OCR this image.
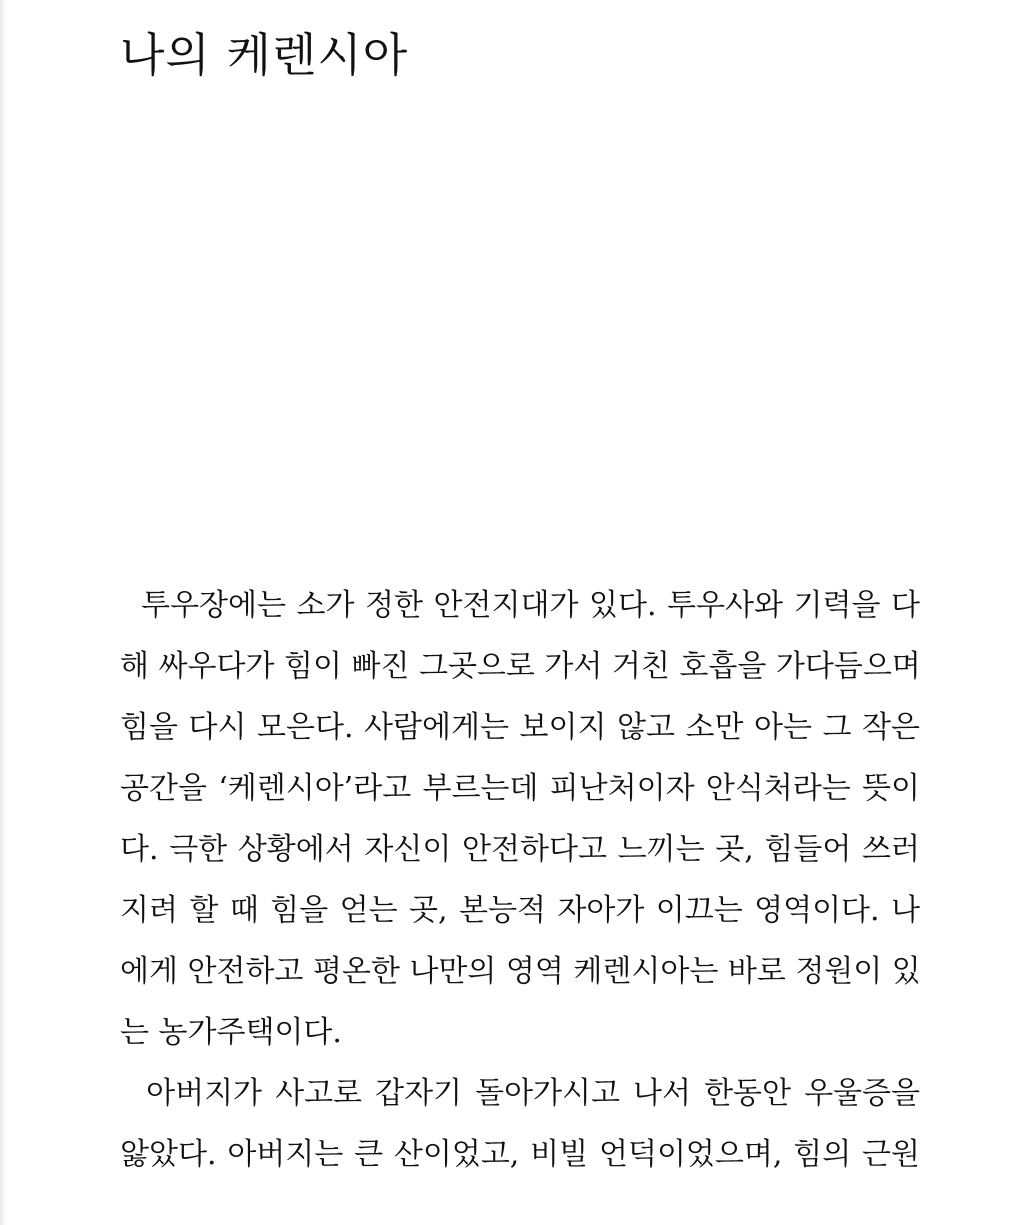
나의 케렌시아
투우장에는 소가 정한 안전지대가 있다. 투우사와 기력을 다
해 싸우다가 힘이 빠진 그곳으로 가서 거친 호흡을 가다듬으며
힘을 다시 모은다. 사람에게는 보이지 않고 소만 아는 그 작은
공간을 ‘케렌시아’라고 부르는데 피난처이자 안식처라는 뜻이
다. 극한 상황에서 자신이 안전하다고 느끼는 곳, 힘들어 쓰러
지려 할 때 힘을 얻는 곳, 본능적 자아가 이끄는 영역이다. 나
에게 안전하고 평온한 나만의 영역 케렌시아는 바로 정원이 있
는 농가주택이다.
아버지가 사고로 갑자기 돌아가시고 나서 한동안 우울증을
앓았다. 아버지는 큰 산이었고, 비빌 언덕이었으며, 힘의 근원
